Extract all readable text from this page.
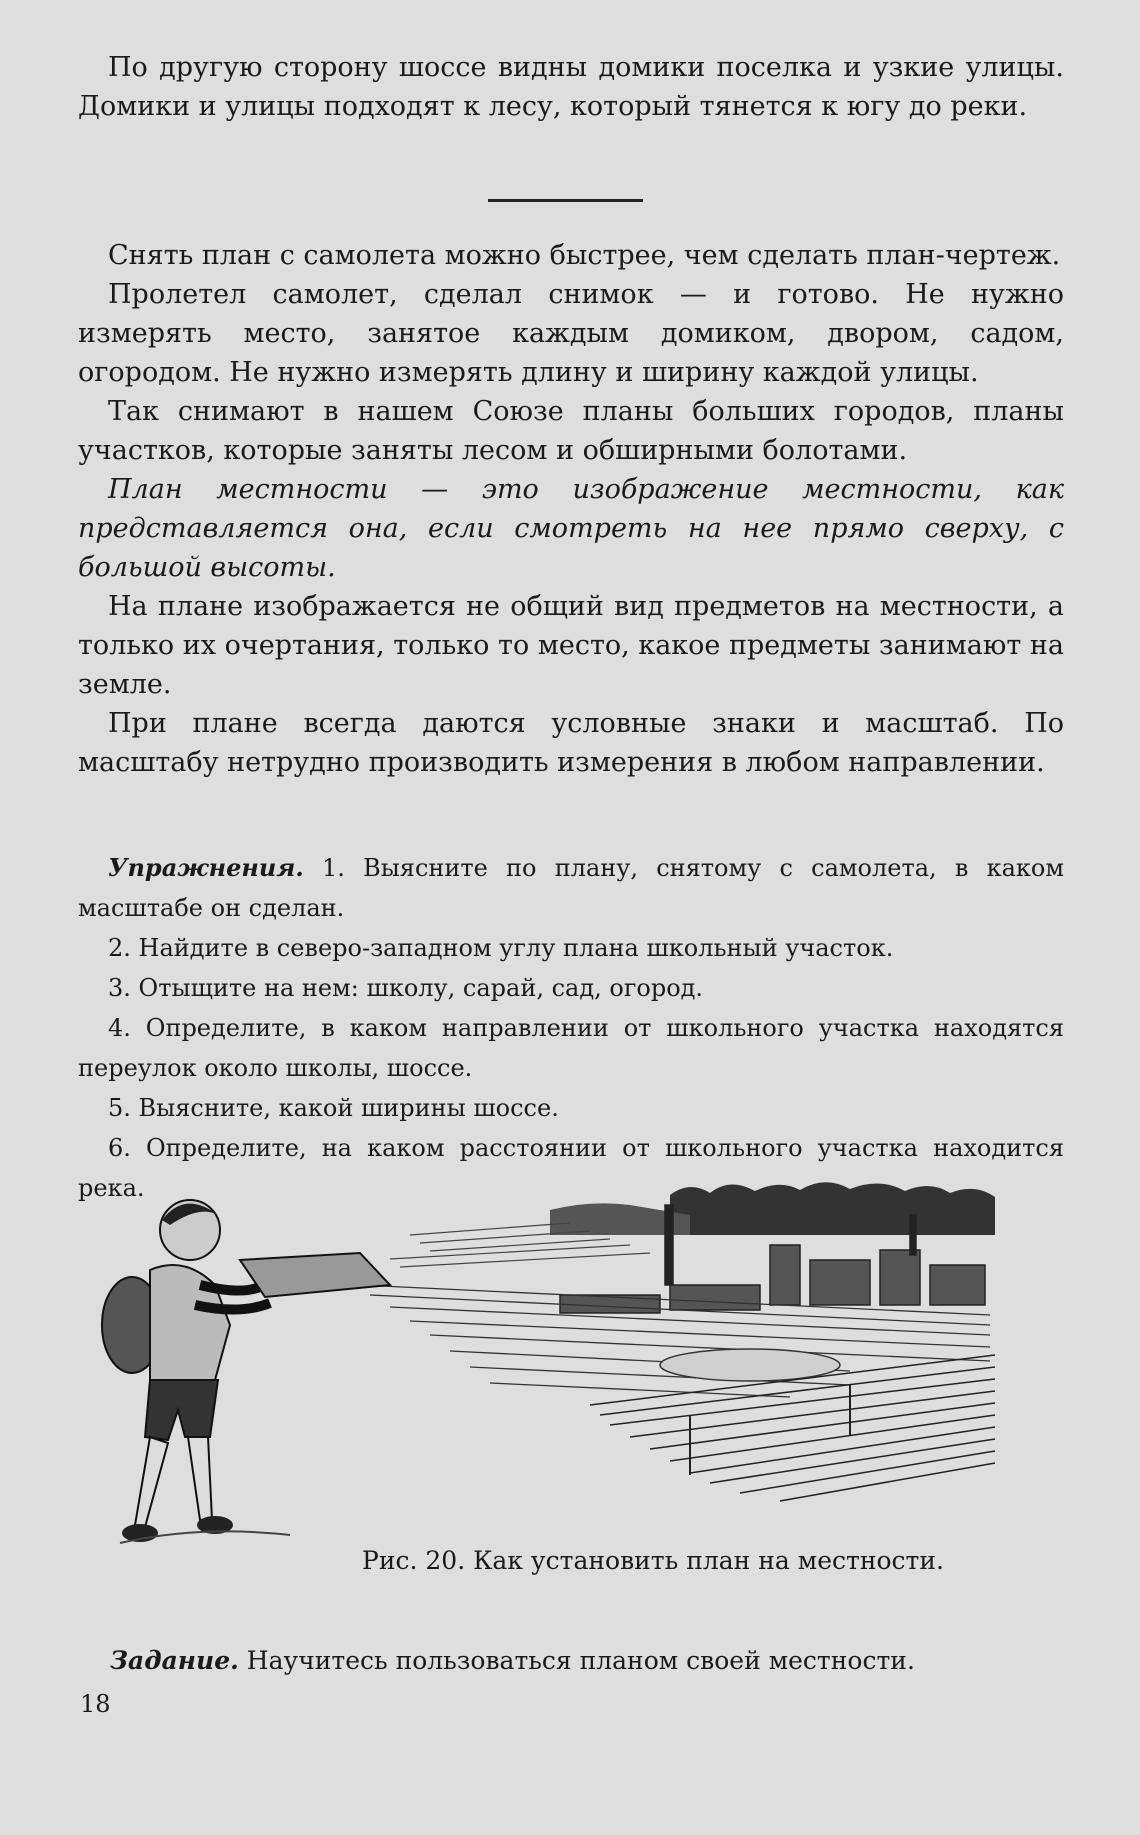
По другую сторону шоссе видны домики поселка и узкие улицы. Домики и улицы подходят к лесу, который тянется к югу до реки.

Снять план с самолета можно быстрее, чем сделать план-чертеж.

Пролетел самолет, сделал снимок — и готово. Не нужно измерять место, занятое каждым домиком, двором, садом, огородом. Не нужно измерять длину и ширину каждой улицы.

Так снимают в нашем Союзе планы больших городов, планы участков, которые заняты лесом и обширными болотами.

План местности — это изображение местности, как представляется она, если смотреть на нее прямо сверху, с большой высоты.

На плане изображается не общий вид предметов на местности, а только их очертания, только то место, какое предметы занимают на земле.

При плане всегда даются условные знаки и масштаб. По масштабу нетрудно производить измерения в любом направлении.

Упражнения. 1. Выясните по плану, снятому с самолета, в каком масштабе он сделан.

2. Найдите в северо-западном углу плана школьный участок.

3. Отыщите на нем: школу, сарай, сад, огород.

4. Определите, в каком направлении от школьного участка находятся переулок около школы, шоссе.

5. Выясните, какой ширины шоссе.

6. Определите, на каком расстоянии от школьного участка находится река.

Рис. 20. Как установить план на местности.
Задание. Научитесь пользоваться планом своей местности.
18
